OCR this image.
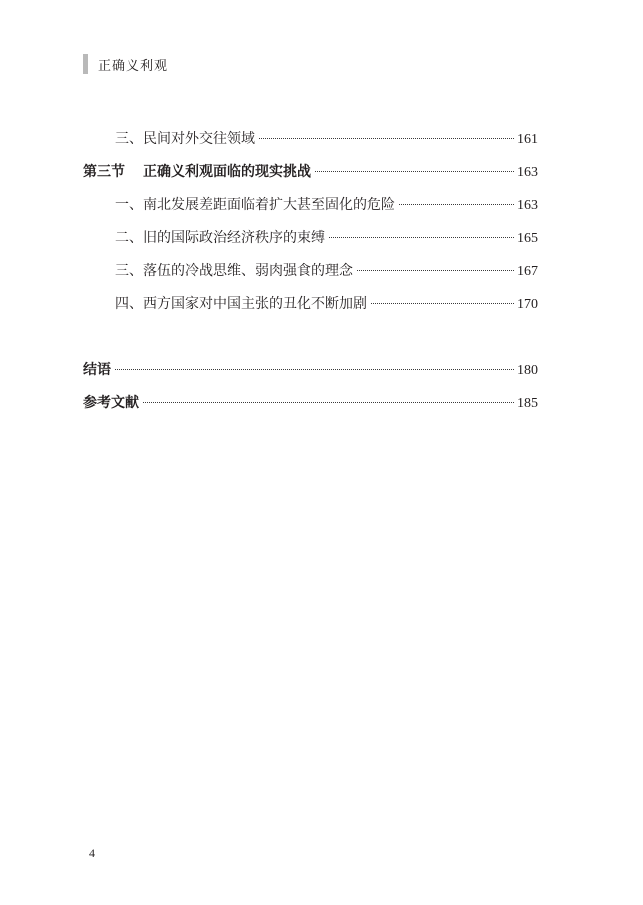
正确义利观
三、 民间对外交往领域	161
第三节 正确义利观面临的现实挑战	163
一、 南北发展差距面临着扩大甚至固化的危险	163
二、 旧的国际政治经济秩序的束缚	165
三、 落伍的冷战思维、弱肉强食的理念	167
四、 西方国家对中国主张的丑化不断加剧	170
结语	180
参考文献	185
4
